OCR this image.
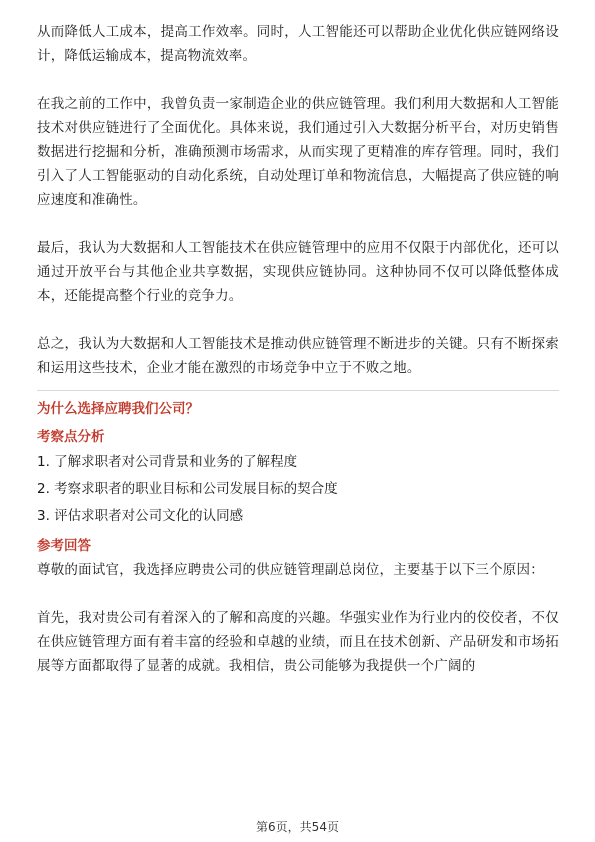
从而降低人工成本，提高工作效率。同时，人工智能还可以帮助企业优化供应链网络设计，降低运输成本，提高物流效率。

在我之前的工作中，我曾负责一家制造企业的供应链管理。我们利用大数据和人工智能技术对供应链进行了全面优化。具体来说，我们通过引入大数据分析平台，对历史销售数据进行挖掘和分析，准确预测市场需求，从而实现了更精准的库存管理。同时，我们引入了人工智能驱动的自动化系统，自动处理订单和物流信息，大幅提高了供应链的响应速度和准确性。

最后，我认为大数据和人工智能技术在供应链管理中的应用不仅限于内部优化，还可以通过开放平台与其他企业共享数据，实现供应链协同。这种协同不仅可以降低整体成本，还能提高整个行业的竞争力。

总之，我认为大数据和人工智能技术是推动供应链管理不断进步的关键。只有不断探索和运用这些技术，企业才能在激烈的市场竞争中立于不败之地。

为什么选择应聘我们公司？

考察点分析

1. 了解求职者对公司背景和业务的了解程度
2. 考察求职者的职业目标和公司发展目标的契合度
3. 评估求职者对公司文化的认同感

参考回答

尊敬的面试官，我选择应聘贵公司的供应链管理副总岗位，主要基于以下三个原因：

首先，我对贵公司有着深入的了解和高度的兴趣。华强实业作为行业内的佼佼者，不仅在供应链管理方面有着丰富的经验和卓越的业绩，而且在技术创新、产品研发和市场拓展等方面都取得了显著的成就。我相信，贵公司能够为我提供一个广阔的

第6页，共54页
